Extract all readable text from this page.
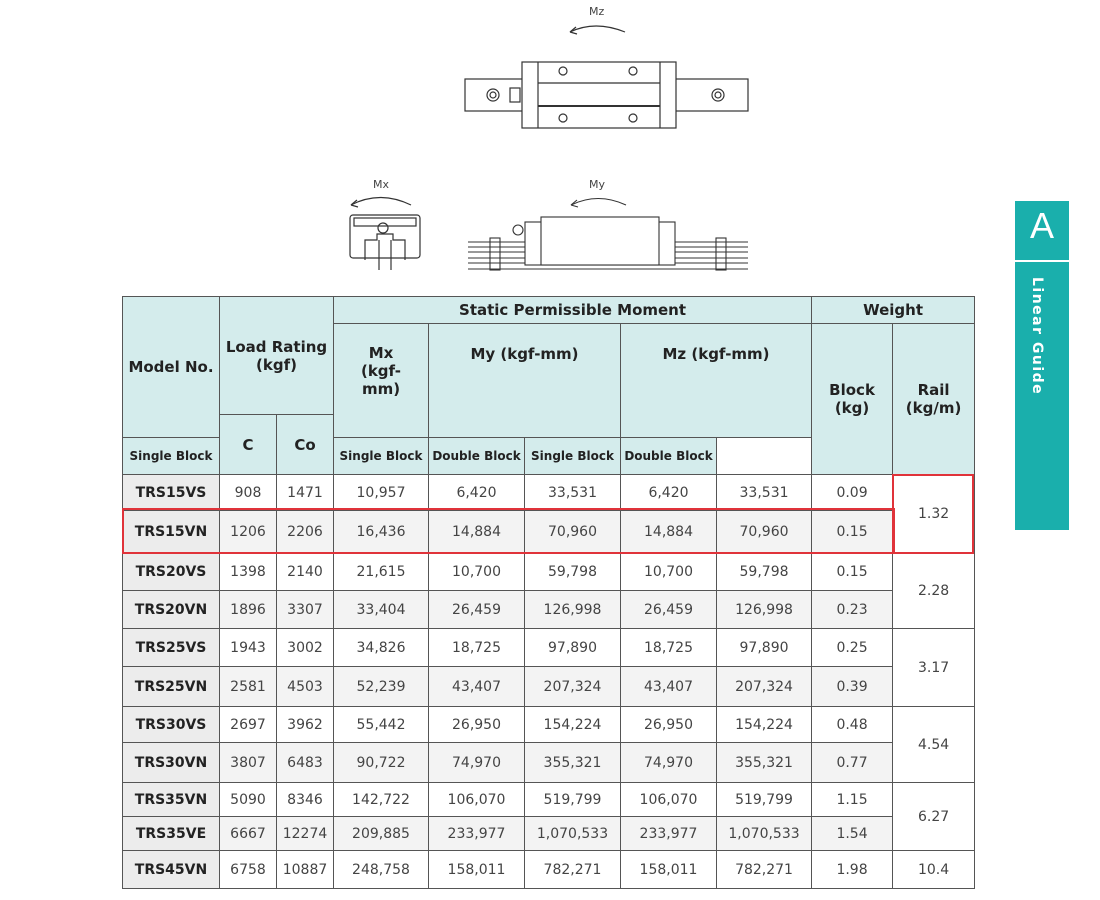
Mz
Mx	My
A
Linear Guide
Model No.	Load Rating (kgf)		Static Permissible Moment					Weight	

			Mx (kgf-mm)	My (kgf-mm)		Mz (kgf-mm)		Block (kg)	Rail (kg/m)
	C	Co							
Single Block			Single Block	Double Block	Single Block	Double Block			
TRS15VS	908	1471	10,957	6,420	33,531	6,420	33,531	0.09	1.32
TRS15VN	1206	2206	16,436	14,884	70,960	14,884	70,960	0.15	
TRS20VS	1398	2140	21,615	10,700	59,798	10,700	59,798	0.15	2.28
TRS20VN	1896	3307	33,404	26,459	126,998	26,459	126,998	0.23	
TRS25VS	1943	3002	34,826	18,725	97,890	18,725	97,890	0.25	3.17
TRS25VN	2581	4503	52,239	43,407	207,324	43,407	207,324	0.39	
TRS30VS	2697	3962	55,442	26,950	154,224	26,950	154,224	0.48	4.54
TRS30VN	3807	6483	90,722	74,970	355,321	74,970	355,321	0.77	
TRS35VN	5090	8346	142,722	106,070	519,799	106,070	519,799	1.15	6.27
TRS35VE	6667	12274	209,885	233,977	1,070,533	233,977	1,070,533	1.54	
TRS45VN	6758	10887	248,758	158,011	782,271	158,011	782,271	1.98	10.4
